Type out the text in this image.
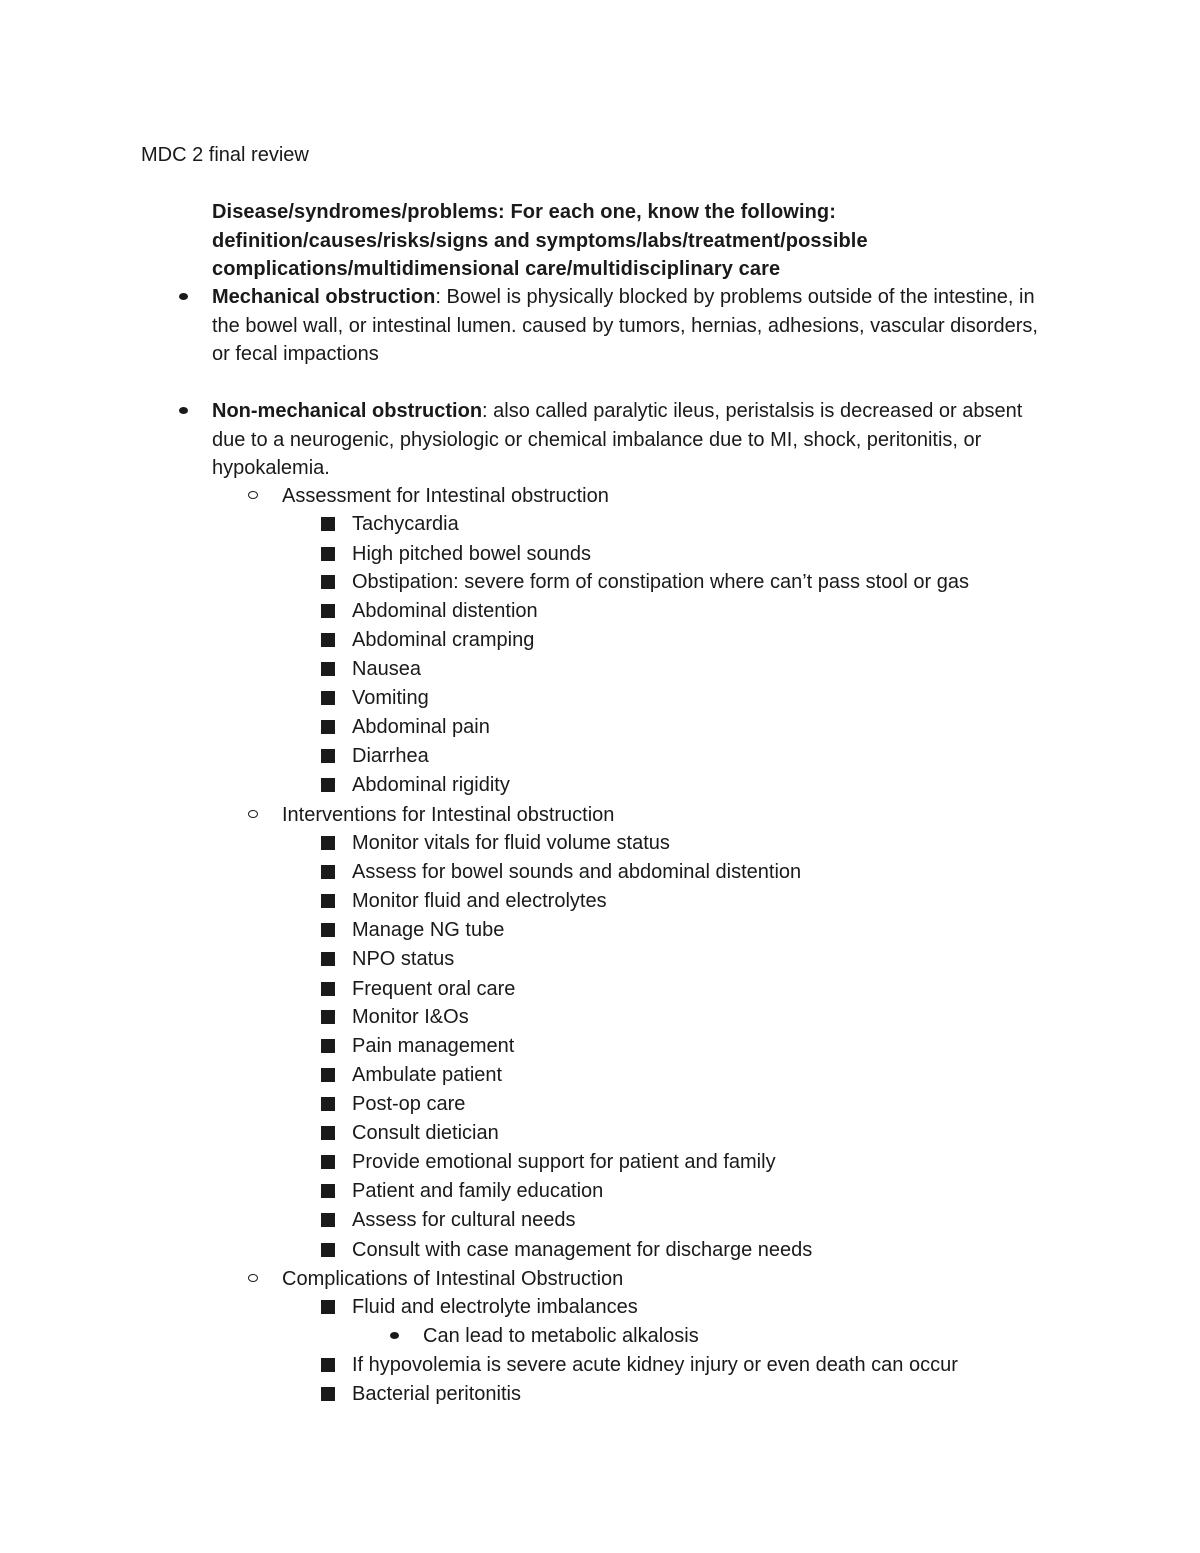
MDC 2 final review
Disease/syndromes/problems: For each one, know the following: definition/causes/risks/signs and symptoms/labs/treatment/possible complications/multidimensional care/multidisciplinary care
Mechanical obstruction: Bowel is physically blocked by problems outside of the intestine, in the bowel wall, or intestinal lumen. caused by tumors, hernias, adhesions, vascular disorders, or fecal impactions
Non-mechanical obstruction: also called paralytic ileus, peristalsis is decreased or absent due to a neurogenic, physiologic or chemical imbalance due to MI, shock, peritonitis, or hypokalemia.
Assessment for Intestinal obstruction
Tachycardia
High pitched bowel sounds
Obstipation: severe form of constipation where can’t pass stool or gas
Abdominal distention
Abdominal cramping
Nausea
Vomiting
Abdominal pain
Diarrhea
Abdominal rigidity
Interventions for Intestinal obstruction
Monitor vitals for fluid volume status
Assess for bowel sounds and abdominal distention
Monitor fluid and electrolytes
Manage NG tube
NPO status
Frequent oral care
Monitor I&Os
Pain management
Ambulate patient
Post-op care
Consult dietician
Provide emotional support for patient and family
Patient and family education
Assess for cultural needs
Consult with case management for discharge needs
Complications of Intestinal Obstruction
Fluid and electrolyte imbalances
Can lead to metabolic alkalosis
If hypovolemia is severe acute kidney injury or even death can occur
Bacterial peritonitis
